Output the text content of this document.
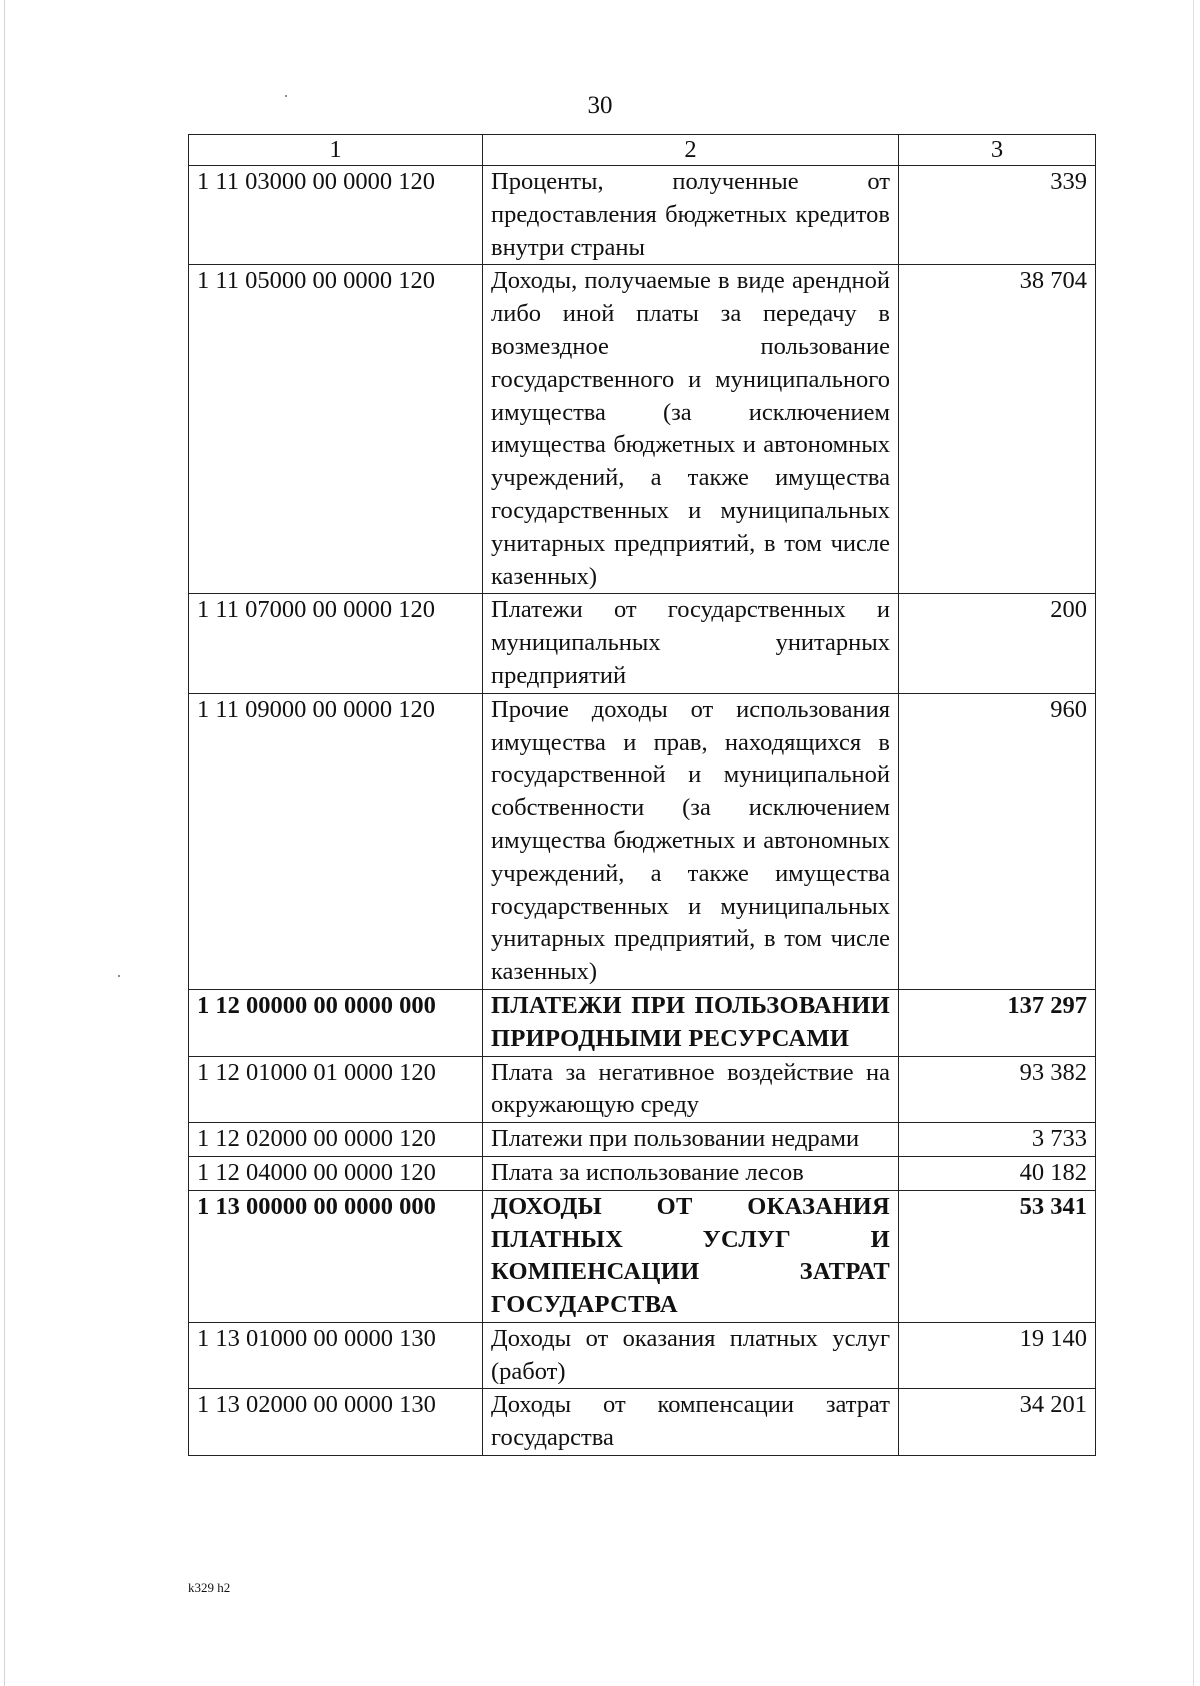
30
1	2	3
1 11 03000 00 0000 120	Проценты, полученные от предоставления бюджетных кредитов внутри страны	339
1 11 05000 00 0000 120	Доходы, получаемые в виде арендной либо иной платы за передачу в возмездное пользование государственного и муниципального имущества (за исключением имущества бюджетных и автономных учреждений, а также имущества государственных и муниципальных унитарных предприятий, в том числе казенных)	38 704
1 11 07000 00 0000 120	Платежи от государственных и муниципальных унитарных предприятий	200
1 11 09000 00 0000 120	Прочие доходы от использования имущества и прав, находящихся в государственной и муниципальной собственности (за исключением имущества бюджетных и автономных учреждений, а также имущества государственных и муниципальных унитарных предприятий, в том числе казенных)	960
1 12 00000 00 0000 000	ПЛАТЕЖИ ПРИ ПОЛЬЗОВАНИИ ПРИРОДНЫМИ РЕСУРСАМИ	137 297
1 12 01000 01 0000 120	Плата за негативное воздействие на окружающую среду	93 382
1 12 02000 00 0000 120	Платежи при пользовании недрами	3 733
1 12 04000 00 0000 120	Плата за использование лесов	40 182
1 13 00000 00 0000 000	ДОХОДЫ ОТ ОКАЗАНИЯ ПЛАТНЫХ УСЛУГ И КОМПЕНСАЦИИ ЗАТРАТ ГОСУДАРСТВА	53 341
1 13 01000 00 0000 130	Доходы от оказания платных услуг (работ)	19 140
1 13 02000 00 0000 130	Доходы от компенсации затрат государства	34 201
k329 h2
